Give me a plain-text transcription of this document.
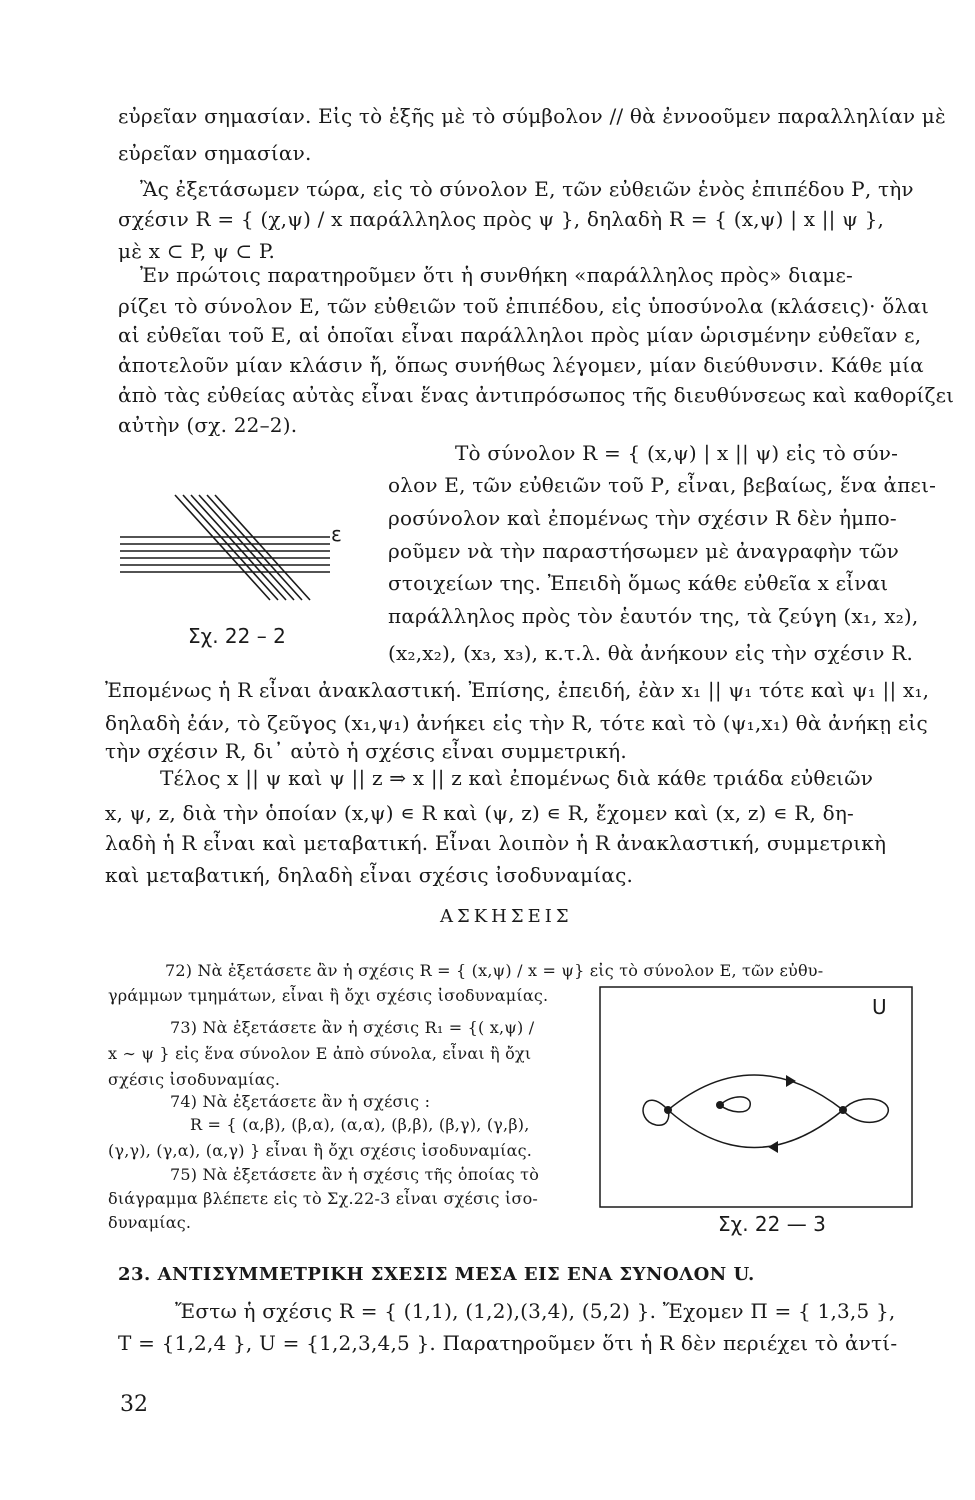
εὐρεῖαν σημασίαν. Εἰς τὸ ἑξῆς μὲ τὸ σύμβολον // θὰ ἐννοοῦμεν παραλληλίαν μὲ
εὐρεῖαν σημασίαν.
Ἂς ἐξετάσωμεν τώρα, εἰς τὸ σύνολον Ε, τῶν εὐθειῶν ἑνὸς ἐπιπέδου Ρ, τὴν
σχέσιν R = { (χ,ψ) / x παράλληλος πρὸς ψ }, δηλαδὴ R = { (x,ψ) | x || ψ },
μὲ x ⊂ P, ψ ⊂ P.
Ἐν πρώτοις παρατηροῦμεν ὅτι ἡ συνθήκη «παράλληλος πρὸς» διαμε-
ρίζει τὸ σύνολον Ε, τῶν εὐθειῶν τοῦ ἐπιπέδου, εἰς ὑποσύνολα (κλάσεις)· ὅλαι
αἱ εὐθεῖαι τοῦ Ε, αἱ ὁποῖαι εἶναι παράλληλοι πρὸς μίαν ὡρισμένην εὐθεῖαν ε,
ἀποτελοῦν μίαν κλάσιν ἤ, ὅπως συνήθως λέγομεν, μίαν διεύθυνσιν. Κάθε μία
ἀπὸ τὰς εὐθείας αὐτὰς εἶναι ἕνας ἀντιπρόσωπος τῆς διευθύνσεως καὶ καθορίζει
αὐτὴν (σχ. 22–2).
ε
Σχ. 22 – 2
Τὸ σύνολον R = { (x,ψ) | x || ψ) εἰς τὸ σύν-
ολον Ε, τῶν εὐθειῶν τοῦ Ρ, εἶναι, βεβαίως, ἕνα ἀπει-
ροσύνολον καὶ ἐπομένως τὴν σχέσιν R δὲν ἠμπο-
ροῦμεν νὰ τὴν παραστήσωμεν μὲ ἀναγραφὴν τῶν
στοιχείων της. Ἐπειδὴ ὅμως κάθε εὐθεῖα x εἶναι
παράλληλος πρὸς τὸν ἑαυτόν της, τὰ ζεύγη (x₁, x₂),
(x₂,x₂), (x₃, x₃), κ.τ.λ. θὰ ἀνήκουν εἰς τὴν σχέσιν R.
Ἐπομένως ἡ R εἶναι ἀνακλαστική. Ἐπίσης, ἐπειδή, ἐὰν x₁ || ψ₁ τότε καὶ ψ₁ || x₁,
δηλαδὴ ἐάν, τὸ ζεῦγος (x₁,ψ₁) ἀνήκει εἰς τὴν R, τότε καὶ τὸ (ψ₁,x₁) θὰ ἀνήκῃ εἰς
τὴν σχέσιν R, δι᾽ αὐτὸ ἡ σχέσις εἶναι συμμετρική.
Τέλος x || ψ καὶ ψ || z ⇒ x || z καὶ ἐπομένως διὰ κάθε τριάδα εὐθειῶν
x, ψ, z, διὰ τὴν ὁποίαν (x,ψ) ∊ R καὶ (ψ, z) ∊ R, ἔχομεν καὶ (x, z) ∊ R, δη-
λαδὴ ἡ R εἶναι καὶ μεταβατική. Εἶναι λοιπὸν ἡ R ἀνακλαστική, συμμετρικὴ
καὶ μεταβατική, δηλαδὴ εἶναι σχέσις ἰσοδυναμίας.
ΑΣΚΗΣΕΙΣ
72) Νὰ ἐξετάσετε ἂν ἡ σχέσις R = { (x,ψ) / x = ψ} εἰς τὸ σύνολον Ε, τῶν εὐθυ-
γράμμων τμημάτων, εἶναι ἢ ὄχι σχέσις ἰσοδυναμίας.
73) Νὰ ἐξετάσετε ἂν ἡ σχέσις R₁ = {( x,ψ) /
x ∼ ψ } εἰς ἕνα σύνολον Ε ἀπὸ σύνολα, εἶναι ἢ ὄχι
σχέσις ἰσοδυναμίας.
74) Νὰ ἐξετάσετε ἂν ἡ σχέσις :
R = { (α,β), (β,α), (α,α), (β,β), (β,γ), (γ,β),
(γ,γ), (γ,α), (α,γ) } εἶναι ἢ ὄχι σχέσις ἰσοδυναμίας.
75) Νὰ ἐξετάσετε ἂν ἡ σχέσις τῆς ὁποίας τὸ
διάγραμμα βλέπετε εἰς τὸ Σχ.22-3 εἶναι σχέσις ἰσο-
δυναμίας.
U
Σχ. 22 — 3
23. ΑΝΤΙΣΥΜΜΕΤΡΙΚΗ ΣΧΕΣΙΣ ΜΕΣΑ ΕΙΣ ΕΝΑ ΣΥΝΟΛΟΝ U.
Ἔστω ἡ σχέσις R = { (1,1), (1,2),(3,4), (5,2) }. Ἔχομεν Π = { 1,3,5 },
T = {1,2,4 }, U = {1,2,3,4,5 }. Παρατηροῦμεν ὅτι ἡ R δὲν περιέχει τὸ ἀντί-
32
